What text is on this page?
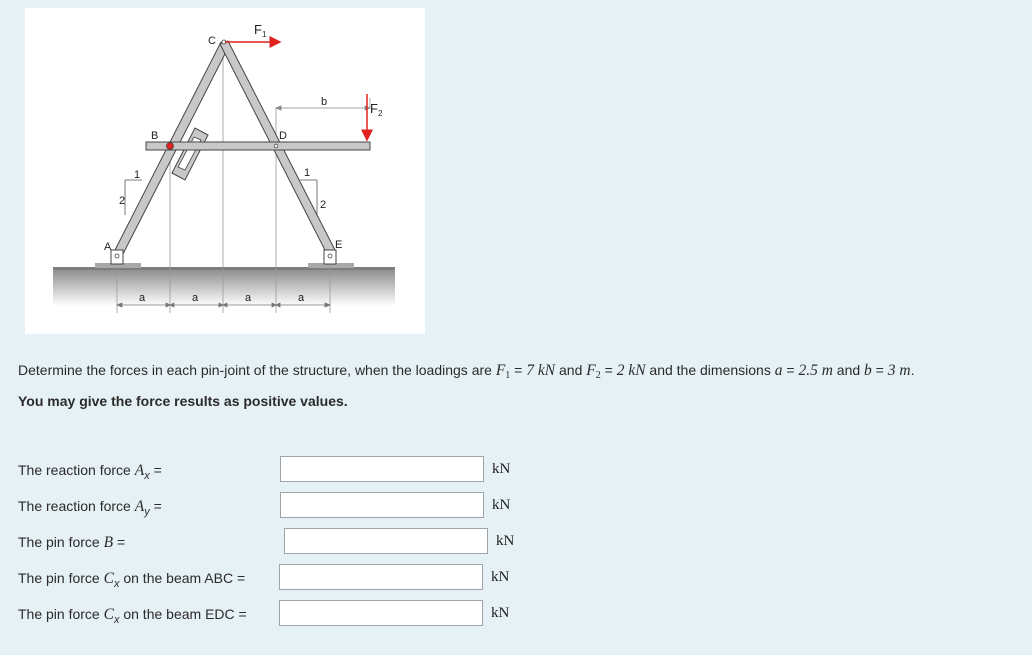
a	a	a	a
b
1
2
1
2
$F_1$
$F_2$
C
B	D
A	E
Determine the forces in each pin-joint of the structure, when the loadings are $F_1 = 7$ kN and $F_2 = 2$ kN and the dimensions a = 2.5 m and b = 3 m.
You may give the force results as positive values.
The reaction force $A_x$ =	kN
The reaction force $A_y$ =	kN
The pin force B =	kN
The pin force $C_x$ on the beam ABC =	kN
The pin force $C_x$ on the beam EDC =	kN
